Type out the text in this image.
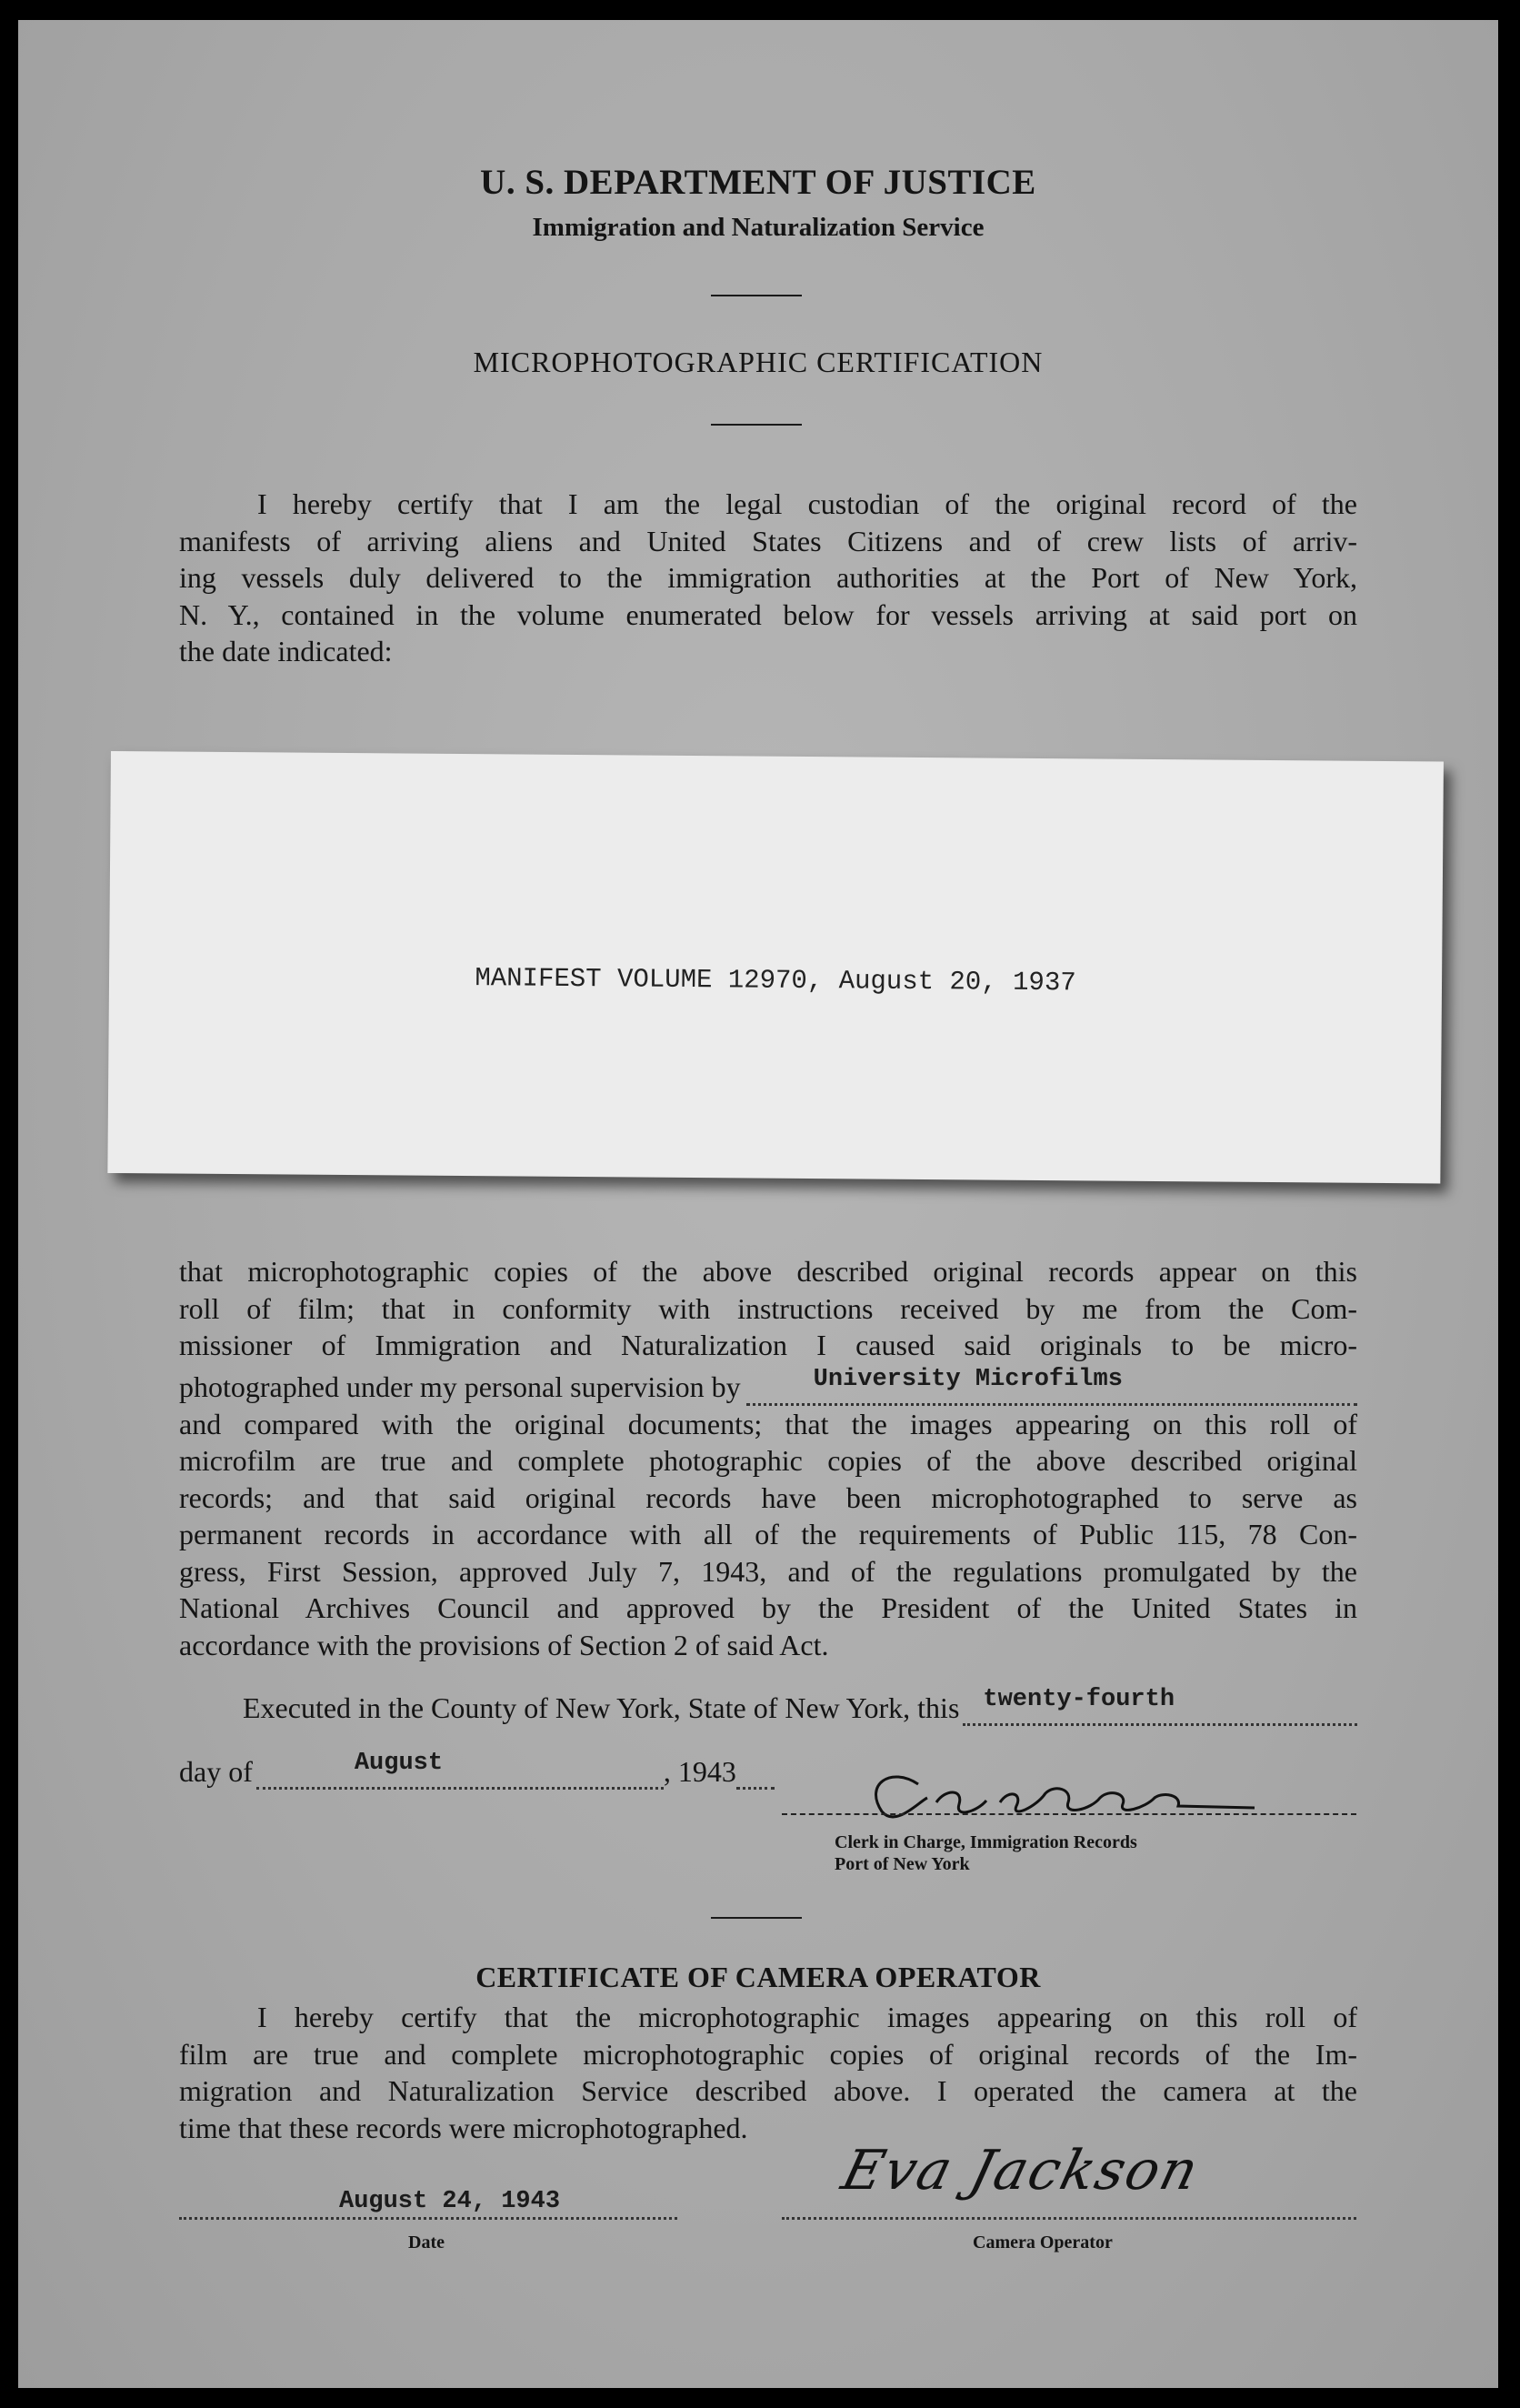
U. S. DEPARTMENT OF JUSTICE
Immigration and Naturalization Service
MICROPHOTOGRAPHIC CERTIFICATION
I hereby certify that I am the legal custodian of the original record of the
manifests of arriving aliens and United States Citizens and of crew lists of arriv-
ing vessels duly delivered to the immigration authorities at the Port of New York,
N. Y., contained in the volume enumerated below for vessels arriving at said port on
the date indicated:
MANIFEST VOLUME 12970, August 20, 1937
that microphotographic copies of the above described original records appear on this
roll of film; that in conformity with instructions received by me from the Com-
missioner of Immigration and Naturalization I caused said originals to be micro-
photographed under my personal supervision by	University Microfilms
and compared with the original documents; that the images appearing on this roll of
microfilm are true and complete photographic copies of the above described original
records; and that said original records have been microphotographed to serve as
permanent records in accordance with all of the requirements of Public 115, 78 Con-
gress, First Session, approved July 7, 1943, and of the regulations promulgated by the
National Archives Council and approved by the President of the United States in
accordance with the provisions of Section 2 of said Act.
Executed in the County of New York, State of New York, this twenty-fourth
day of	August	, 1943
Clerk in Charge, Immigration Records
Port of New York
CERTIFICATE OF CAMERA OPERATOR
I hereby certify that the microphotographic images appearing on this roll of
film are true and complete microphotographic copies of original records of the Im-
migration and Naturalization Service described above. I operated the camera at the
time that these records were microphotographed.
August 24, 1943
Date
Eva Jackson
Camera Operator
